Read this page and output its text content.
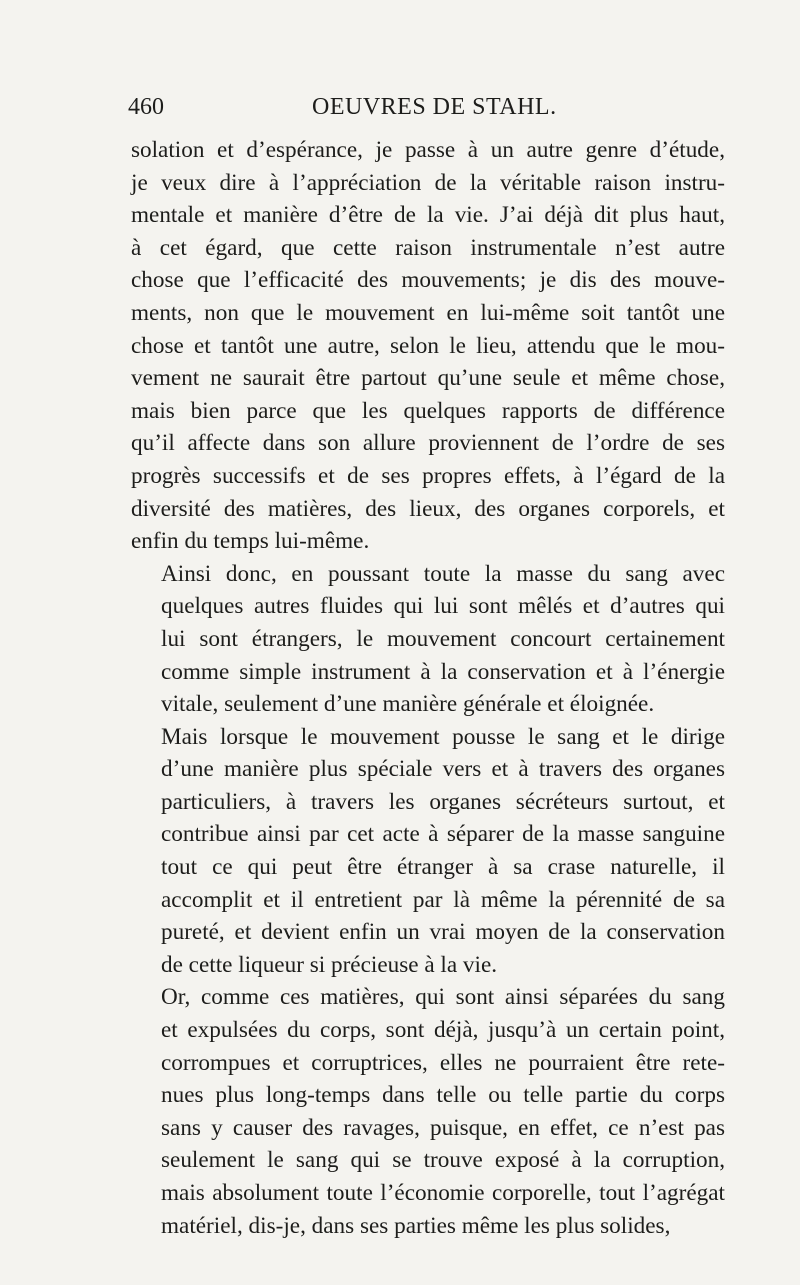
460	OEUVRES DE STAHL.
solation et d’espérance, je passe à un autre genre d’étude,
je veux dire à l’appréciation de la véritable raison instru-
mentale et manière d’être de la vie. J’ai déjà dit plus haut,
à cet égard, que cette raison instrumentale n’est autre
chose que l’efficacité des mouvements; je dis des mouve-
ments, non que le mouvement en lui-même soit tantôt une
chose et tantôt une autre, selon le lieu, attendu que le mou-
vement ne saurait être partout qu’une seule et même chose,
mais bien parce que les quelques rapports de différence
qu’il affecte dans son allure proviennent de l’ordre de ses
progrès successifs et de ses propres effets, à l’égard de la
diversité des matières, des lieux, des organes corporels, et
enfin du temps lui-même.
Ainsi donc, en poussant toute la masse du sang avec
quelques autres fluides qui lui sont mêlés et d’autres qui
lui sont étrangers, le mouvement concourt certainement
comme simple instrument à la conservation et à l’énergie
vitale, seulement d’une manière générale et éloignée.
Mais lorsque le mouvement pousse le sang et le dirige
d’une manière plus spéciale vers et à travers des organes
particuliers, à travers les organes sécréteurs surtout, et
contribue ainsi par cet acte à séparer de la masse sanguine
tout ce qui peut être étranger à sa crase naturelle, il
accomplit et il entretient par là même la pérennité de sa
pureté, et devient enfin un vrai moyen de la conservation
de cette liqueur si précieuse à la vie.
Or, comme ces matières, qui sont ainsi séparées du sang
et expulsées du corps, sont déjà, jusqu’à un certain point,
corrompues et corruptrices, elles ne pourraient être rete-
nues plus long-temps dans telle ou telle partie du corps
sans y causer des ravages, puisque, en effet, ce n’est pas
seulement le sang qui se trouve exposé à la corruption,
mais absolument toute l’économie corporelle, tout l’agrégat
matériel, dis-je, dans ses parties même les plus solides,
